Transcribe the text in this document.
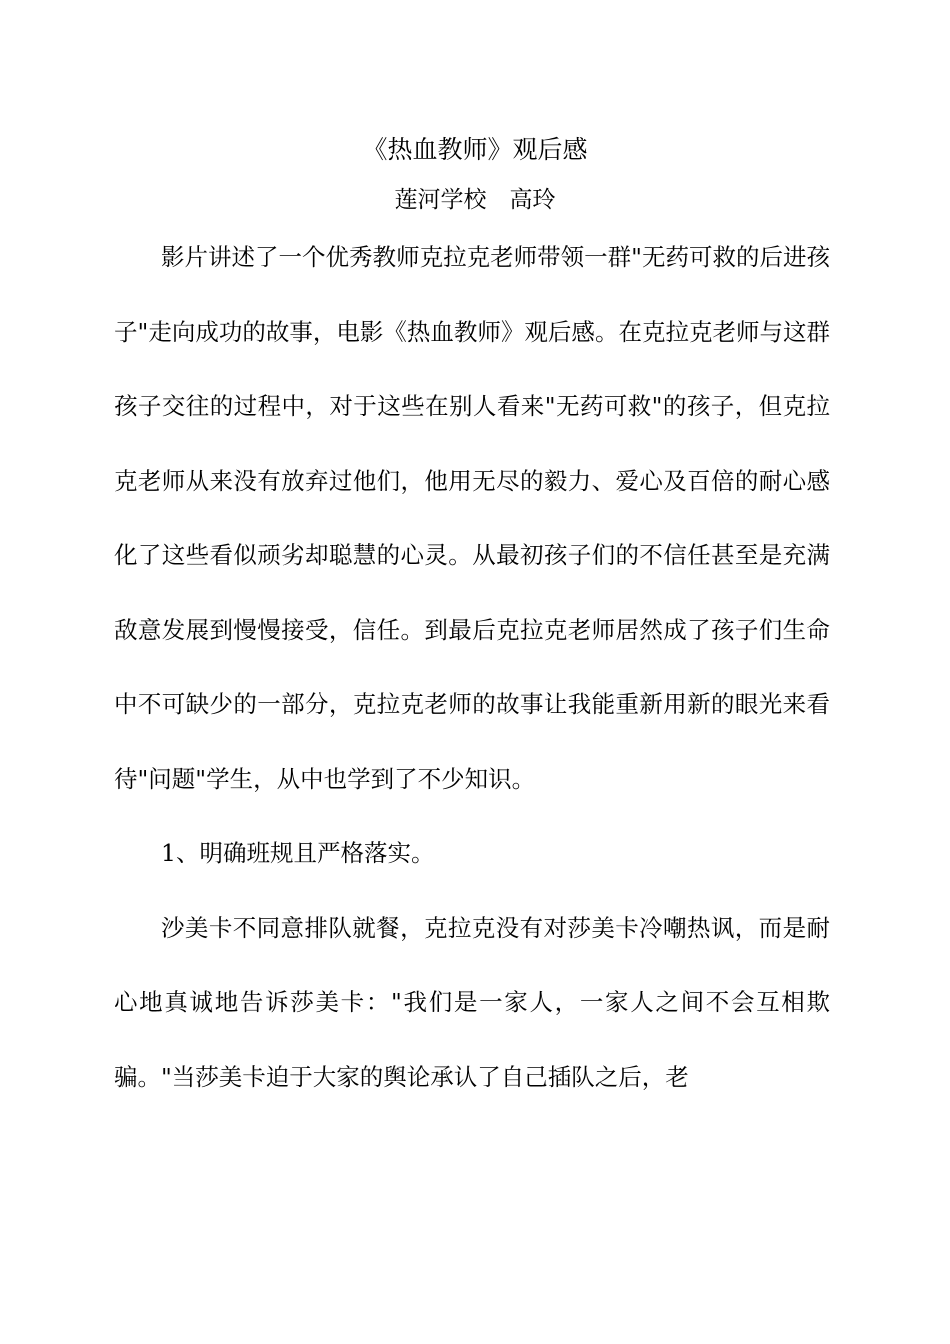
《热血教师》观后感
莲河学校　高玲

影片讲述了一个优秀教师克拉克老师带领一群"无药可救的后进孩子"走向成功的故事，电影《热血教师》观后感。在克拉克老师与这群孩子交往的过程中，对于这些在别人看来"无药可救"的孩子，但克拉克老师从来没有放弃过他们，他用无尽的毅力、爱心及百倍的耐心感化了这些看似顽劣却聪慧的心灵。从最初孩子们的不信任甚至是充满敌意发展到慢慢接受，信任。到最后克拉克老师居然成了孩子们生命中不可缺少的一部分，克拉克老师的故事让我能重新用新的眼光来看待"问题"学生，从中也学到了不少知识。

1、明确班规且严格落实。

沙美卡不同意排队就餐，克拉克没有对莎美卡冷嘲热讽，而是耐心地真诚地告诉莎美卡："我们是一家人，一家人之间不会互相欺骗。"当莎美卡迫于大家的舆论承认了自己插队之后，老
